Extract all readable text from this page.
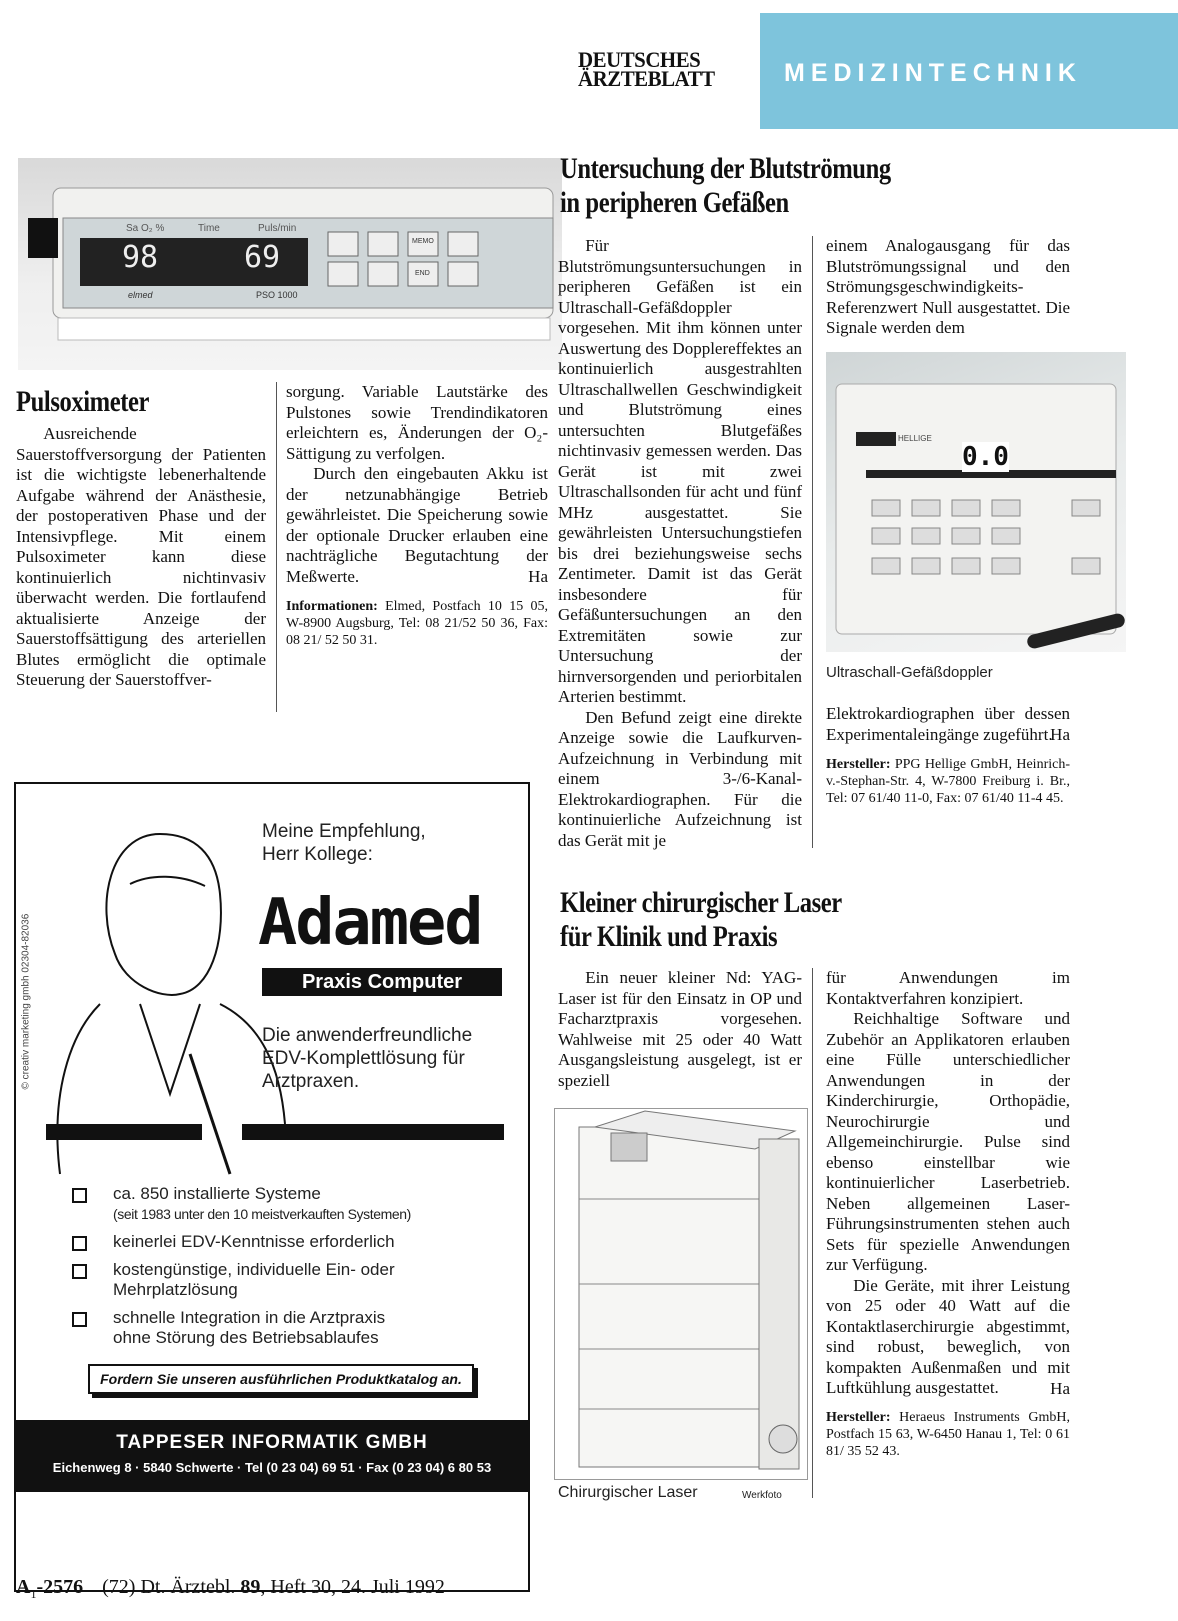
DEUTSCHES
ÄRZTEBLATT	MEDIZINTECHNIK
Sa O₂ %	Time	Puls/min
98	69
elmed	PSO 1000
MEMO
END
Pulsoximeter

Ausreichende Sauerstoffversorgung der Patienten ist die wichtigste lebenerhaltende Aufgabe während der Anästhesie, der postoperativen Phase und der Intensivpflege. Mit einem Pulsoximeter kann diese kontinuierlich nichtinvasiv überwacht werden. Die fortlaufend aktualisierte Anzeige der Sauerstoffsättigung des arteriellen Blutes ermöglicht die optimale Steuerung der Sauerstoffver-

sorgung. Variable Lautstärke des Pulstones sowie Trendindikatoren erleichtern es, Änderungen der O₂-Sättigung zu verfolgen.

Durch den eingebauten Akku ist der netzunabhängige Betrieb gewährleistet. Die Speicherung sowie der optionale Drucker erlauben eine nachträgliche Begutachtung der Meßwerte.	Ha
Informationen: Elmed, Postfach 10 15 05, W-8900 Augsburg, Tel: 08 21/52 50 36, Fax: 08 21/ 52 50 31.
© creativ marketing gmbh 02304-82036
Meine Empfehlung,
Herr Kollege:
Adamed
Praxis Computer
Die anwenderfreundliche
EDV-Komplettlösung für
Arztpraxen.
ca. 850 installierte Systeme
(seit 1983 unter den 10 meistverkauften Systemen)
keinerlei EDV-Kenntnisse erforderlich
kostengünstige, individuelle Ein- oder
Mehrplatzlösung
schnelle Integration in die Arztpraxis
ohne Störung des Betriebsablaufes
Fordern Sie unseren ausführlichen Produktkatalog an.
TAPPESER INFORMATIK GMBH
Eichenweg 8 · 5840 Schwerte · Tel (0 23 04) 69 51 · Fax (0 23 04) 6 80 53
Untersuchung der Blutströmung
in peripheren Gefäßen

Für Blutströmungsuntersuchungen in peripheren Gefäßen ist ein Ultraschall-Gefäßdoppler vorgesehen. Mit ihm können unter Auswertung des Dopplereffektes an kontinuierlich ausgestrahlten Ultraschallwellen Geschwindigkeit und Blutströmung eines untersuchten Blutgefäßes nichtinvasiv gemessen werden. Das Gerät ist mit zwei Ultraschallsonden für acht und fünf MHz ausgestattet. Sie gewährleisten Untersuchungstiefen bis drei beziehungsweise sechs Zentimeter. Damit ist das Gerät insbesondere für Gefäßuntersuchungen an den Extremitäten sowie zur Untersuchung der hirnversorgenden und periorbitalen Arterien bestimmt.

Den Befund zeigt eine direkte Anzeige sowie die Laufkurven-Aufzeichnung in Verbindung mit einem 3-/6-Kanal-Elektrokardiographen. Für die kontinuierliche Aufzeichnung ist das Gerät mit je

einem Analogausgang für das Blutströmungssignal und den Strömungsgeschwindigkeits-Referenzwert Null ausgestattet. Die Signale werden dem

0.0
HELLIGE
Ultraschall-Gefäßdoppler

Elektrokardiographen über dessen Experimentaleingänge zugeführt.

Ha
Hersteller: PPG Hellige GmbH, Heinrich-v.-Stephan-Str. 4, W-7800 Freiburg i. Br., Tel: 07 61/40 11-0, Fax: 07 61/40 11-4 45.
Kleiner chirurgischer Laser
für Klinik und Praxis

Ein neuer kleiner Nd: YAG-Laser ist für den Einsatz in OP und Facharztpraxis vorgesehen. Wahlweise mit 25 oder 40 Watt Ausgangsleistung ausgelegt, ist er speziell

Chirurgischer Laser	Werkfoto

für Anwendungen im Kontaktverfahren konzipiert.

Reichhaltige Software und Zubehör an Applikatoren erlauben eine Fülle unterschiedlicher Anwendungen in der Kinderchirurgie, Orthopädie, Neurochirurgie und Allgemeinchirurgie. Pulse sind ebenso einstellbar wie kontinuierlicher Laserbetrieb. Neben allgemeinen Laser-Führungsinstrumenten stehen auch Sets für spezielle Anwendungen zur Verfügung.

Die Geräte, mit ihrer Leistung von 25 oder 40 Watt auf die Kontaktlaserchirurgie abgestimmt, sind robust, beweglich, von kompakten Außenmaßen und mit Luftkühlung ausgestattet.	Ha
Hersteller: Heraeus Instruments GmbH, Postfach 15 63, W-6450 Hanau 1, Tel: 0 61 81/ 35 52 43.
$A_1-2576$ (72) Dt. Ärztebl. 89, Heft 30, 24. Juli 1992
